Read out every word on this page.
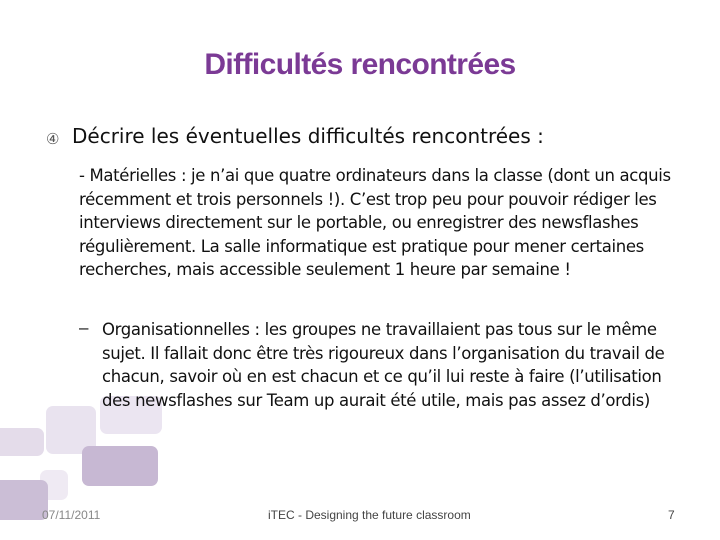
Difficultés rencontrées
④ Décrire les éventuelles difficultés rencontrées :
- Matérielles : je n’ai que quatre ordinateurs dans la classe (dont un acquis récemment et trois personnels !). C’est trop peu pour pouvoir rédiger les interviews directement sur le portable, ou enregistrer des newsflashes régulièrement. La salle informatique est pratique pour mener certaines recherches, mais accessible seulement 1 heure par semaine !
– Organisationnelles : les groupes ne travaillaient pas tous sur le même sujet. Il fallait donc être très rigoureux dans l’organisation du travail de chacun, savoir où en est chacun et ce qu’il lui reste à faire (l’utilisation des newsflashes sur Team up aurait été utile, mais pas assez d’ordis)
07/11/2011	iTEC - Designing the future classroom	7
